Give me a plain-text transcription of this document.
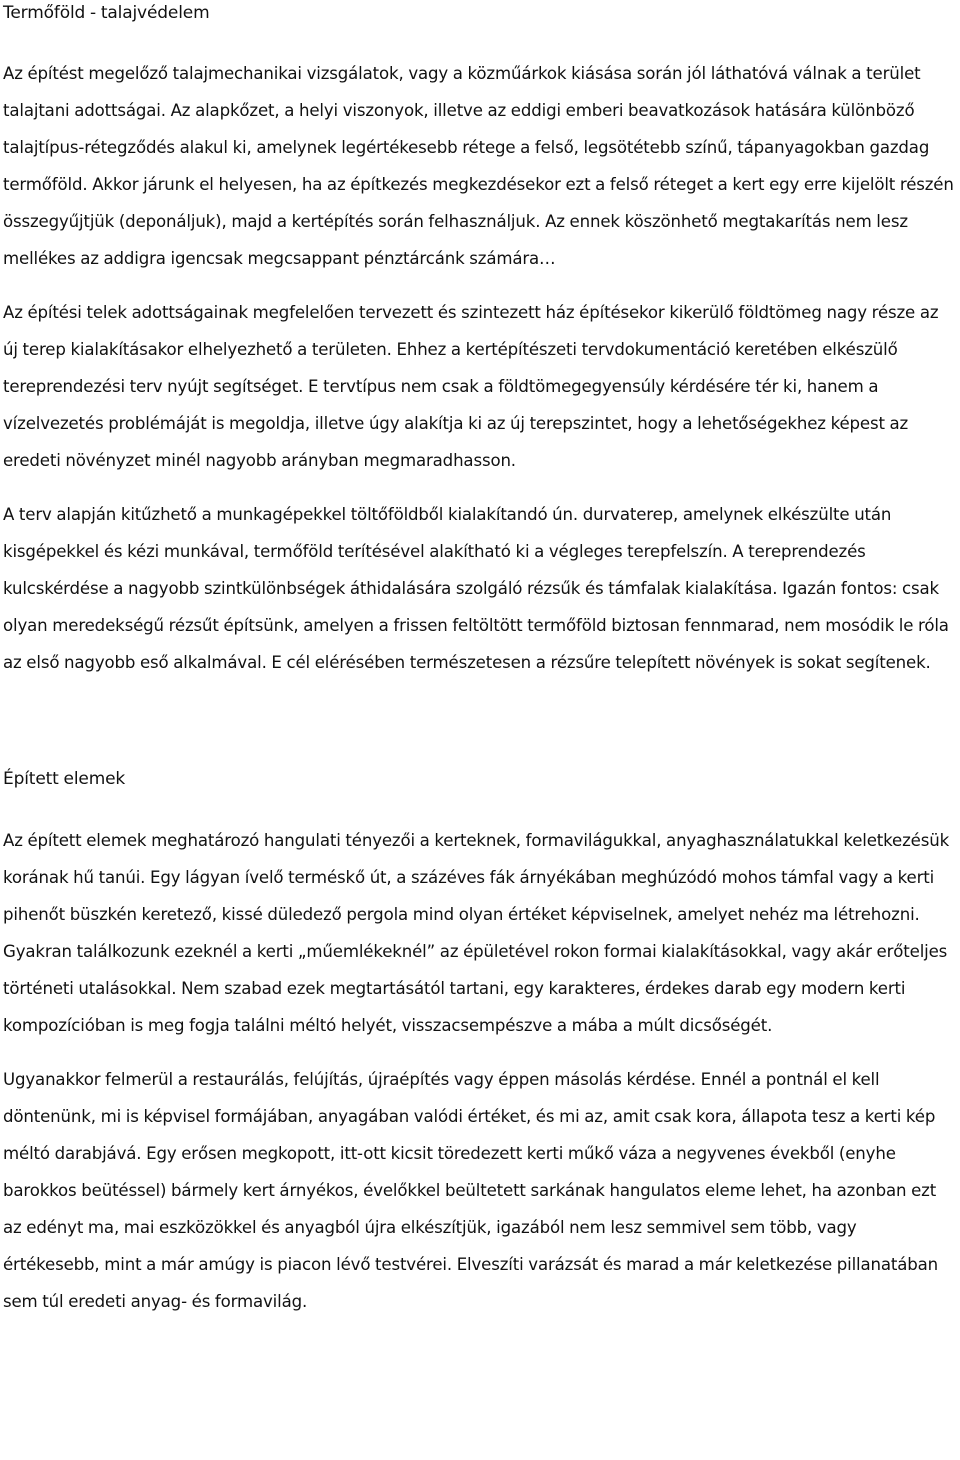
Termőföld - talajvédelem

Az építést megelőző talajmechanikai vizsgálatok, vagy a közműárkok kiásása során jól láthatóvá válnak a terület talajtani adottságai. Az alapkőzet, a helyi viszonyok, illetve az eddigi emberi beavatkozások hatására különböző talajtípus-rétegződés alakul ki, amelynek legértékesebb rétege a felső, legsötétebb színű, tápanyagokban gazdag termőföld. Akkor járunk el helyesen, ha az építkezés megkezdésekor ezt a felső réteget a kert egy erre kijelölt részén összegyűjtjük (deponáljuk), majd a kertépítés során felhasználjuk. Az ennek köszönhető megtakarítás nem lesz mellékes az addigra igencsak megcsappant pénztárcánk számára…

Az építési telek adottságainak megfelelően tervezett és szintezett ház építésekor kikerülő földtömeg nagy része az új terep kialakításakor elhelyezhető a területen. Ehhez a kertépítészeti tervdokumentáció keretében elkészülő tereprendezési terv nyújt segítséget. E tervtípus nem csak a földtömegegyensúly kérdésére tér ki, hanem a vízelvezetés problémáját is megoldja, illetve úgy alakítja ki az új terepszintet, hogy a lehetőségekhez képest az eredeti növényzet minél nagyobb arányban megmaradhasson.

A terv alapján kitűzhető a munkagépekkel töltőföldből kialakítandó ún. durvaterep, amelynek elkészülte után kisgépekkel és kézi munkával, termőföld terítésével alakítható ki a végleges terepfelszín. A tereprendezés kulcskérdése a nagyobb szintkülönbségek áthidalására szolgáló rézsűk és támfalak kialakítása. Igazán fontos: csak olyan meredekségű rézsűt építsünk, amelyen a frissen feltöltött termőföld biztosan fennmarad, nem mosódik le róla az első nagyobb eső alkalmával. E cél elérésében természetesen a rézsűre telepített növények is sokat segítenek.

Épített elemek

Az épített elemek meghatározó hangulati tényezői a kerteknek, formavilágukkal, anyaghasználatukkal keletkezésük korának hű tanúi. Egy lágyan ívelő terméskő út, a százéves fák árnyékában meghúzódó mohos támfal vagy a kerti pihenőt büszkén keretező, kissé düledező pergola mind olyan értéket képviselnek, amelyet nehéz ma létrehozni. Gyakran találkozunk ezeknél a kerti „műemlékeknél” az épületével rokon formai kialakításokkal, vagy akár erőteljes történeti utalásokkal. Nem szabad ezek megtartásától tartani, egy karakteres, érdekes darab egy modern kerti kompozícióban is meg fogja találni méltó helyét, visszacsempészve a mába a múlt dicsőségét.

Ugyanakkor felmerül a restaurálás, felújítás, újraépítés vagy éppen másolás kérdése. Ennél a pontnál el kell döntenünk, mi is képvisel formájában, anyagában valódi értéket, és mi az, amit csak kora, állapota tesz a kerti kép méltó darabjává. Egy erősen megkopott, itt-ott kicsit töredezett kerti műkő váza a negyvenes évekből (enyhe barokkos beütéssel) bármely kert árnyékos, évelőkkel beültetett sarkának hangulatos eleme lehet, ha azonban ezt az edényt ma, mai eszközökkel és anyagból újra elkészítjük, igazából nem lesz semmivel sem több, vagy értékesebb, mint a már amúgy is piacon lévő testvérei. Elveszíti varázsát és marad a már keletkezése pillanatában sem túl eredeti anyag- és formavilág.
